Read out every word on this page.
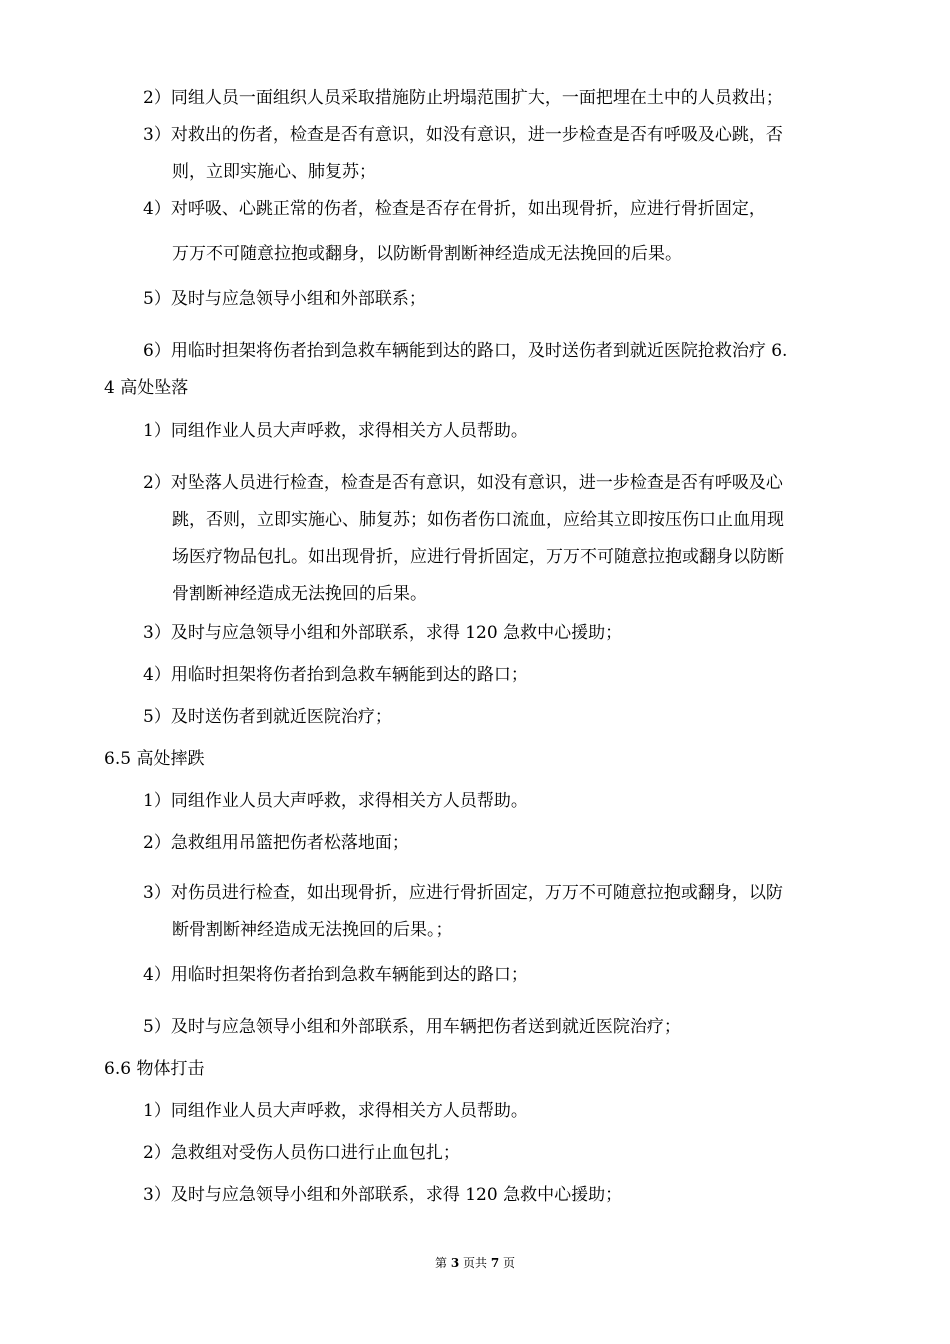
2）同组人员一面组织人员采取措施防止坍塌范围扩大，一面把埋在土中的人员救出；
3）对救出的伤者，检查是否有意识，如没有意识，进一步检查是否有呼吸及心跳，否
则，立即实施心、肺复苏；
4）对呼吸、心跳正常的伤者，检查是否存在骨折，如出现骨折，应进行骨折固定，
万万不可随意拉抱或翻身，以防断骨割断神经造成无法挽回的后果。
5）及时与应急领导小组和外部联系；
6）用临时担架将伤者抬到急救车辆能到达的路口，及时送伤者到就近医院抢救治疗 6.
4 高处坠落
1）同组作业人员大声呼救，求得相关方人员帮助。
2）对坠落人员进行检查，检查是否有意识，如没有意识，进一步检查是否有呼吸及心
跳，否则，立即实施心、肺复苏；如伤者伤口流血，应给其立即按压伤口止血用现
场医疗物品包扎。如出现骨折，应进行骨折固定，万万不可随意拉抱或翻身以防断
骨割断神经造成无法挽回的后果。
3）及时与应急领导小组和外部联系，求得 120 急救中心援助；
4）用临时担架将伤者抬到急救车辆能到达的路口；
5）及时送伤者到就近医院治疗；
6.5 高处摔跌
1）同组作业人员大声呼救，求得相关方人员帮助。
2）急救组用吊篮把伤者松落地面；
3）对伤员进行检查，如出现骨折，应进行骨折固定，万万不可随意拉抱或翻身，以防
断骨割断神经造成无法挽回的后果。；
4）用临时担架将伤者抬到急救车辆能到达的路口；
5）及时与应急领导小组和外部联系，用车辆把伤者送到就近医院治疗；
6.6 物体打击
1）同组作业人员大声呼救，求得相关方人员帮助。
2）急救组对受伤人员伤口进行止血包扎；
3）及时与应急领导小组和外部联系，求得 120 急救中心援助；
第 3 页共 7 页
